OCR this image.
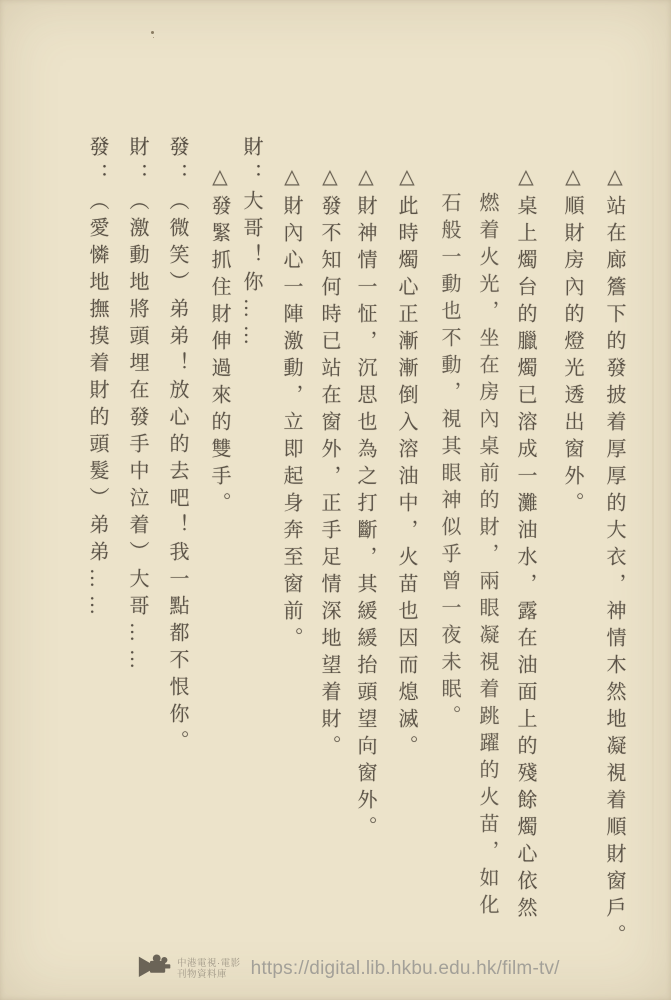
△站在廊簷下的發披着厚厚的大衣，神情木然地凝視着順財窗戶。
△順財房內的燈光透出窗外。
△桌上燭台的臘燭已溶成一灘油水，露在油面上的殘餘燭心依然
燃着火光，坐在房內桌前的財，兩眼凝視着跳躍的火苗，如化
石般一動也不動，視其眼神似乎曾一夜未眠。
△此時燭心正漸漸倒入溶油中，火苗也因而熄滅。
△財神情一怔，沉思也為之打斷，其緩緩抬頭望向窗外。
△發不知何時已站在窗外，正手足情深地望着財。
△財內心一陣激動，立即起身奔至窗前。
財：大哥！你……
△發緊抓住財伸過來的雙手。
發：（微笑）弟弟！放心的去吧！我一點都不恨你。
財：（激動地將頭埋在發手中泣着）大哥……
發：（愛憐地撫摸着財的頭髮）弟弟……
中港電視·電影
刊物資料庫	https://digital.lib.hkbu.edu.hk/film-tv/
